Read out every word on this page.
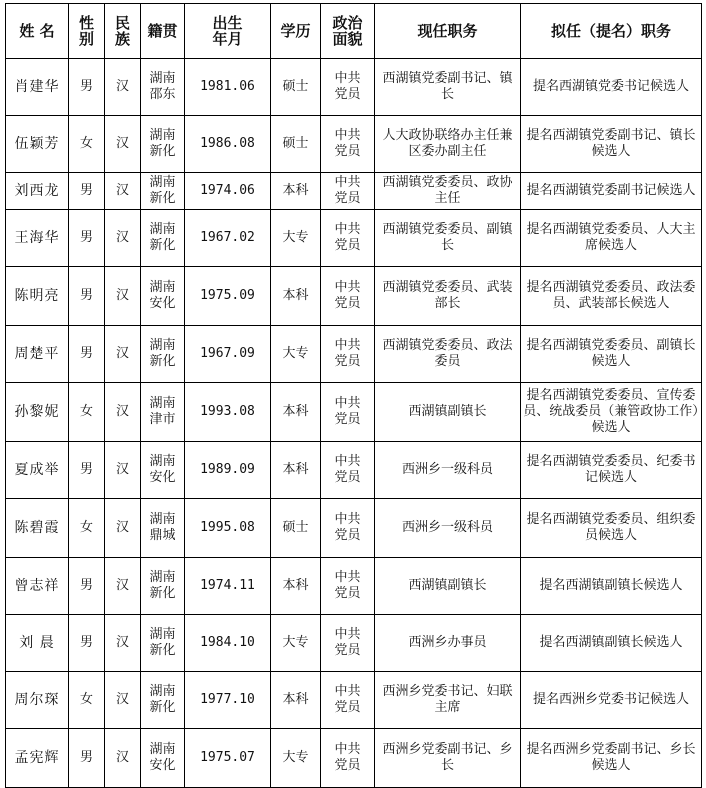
姓 名	性别	民族	籍贯	出生年月	学历	政治面貌	现任职务	拟任（提名）职务
肖建华	男	汉	湖南邵东	1981.06	硕士	中共党员	西湖镇党委副书记、镇长	提名西湖镇党委书记候选人
伍颖芳	女	汉	湖南新化	1986.08	硕士	中共党员	人大政协联络办主任兼区委办副主任	提名西湖镇党委副书记、镇长候选人
刘西龙	男	汉	湖南新化	1974.06	本科	中共党员	西湖镇党委委员、政协主任	提名西湖镇党委副书记候选人
王海华	男	汉	湖南新化	1967.02	大专	中共党员	西湖镇党委委员、副镇长	提名西湖镇党委委员、人大主席候选人
陈明亮	男	汉	湖南安化	1975.09	本科	中共党员	西湖镇党委委员、武装部长	提名西湖镇党委委员、政法委员、武装部长候选人
周楚平	男	汉	湖南新化	1967.09	大专	中共党员	西湖镇党委委员、政法委员	提名西湖镇党委委员、副镇长候选人
孙黎妮	女	汉	湖南津市	1993.08	本科	中共党员	西湖镇副镇长	提名西湖镇党委委员、宣传委员、统战委员（兼管政协工作）候选人
夏成举	男	汉	湖南安化	1989.09	本科	中共党员	西洲乡一级科员	提名西湖镇党委委员、纪委书记候选人
陈碧霞	女	汉	湖南鼎城	1995.08	硕士	中共党员	西洲乡一级科员	提名西湖镇党委委员、组织委员候选人
曾志祥	男	汉	湖南新化	1974.11	本科	中共党员	西湖镇副镇长	提名西湖镇副镇长候选人
刘 晨	男	汉	湖南新化	1984.10	大专	中共党员	西洲乡办事员	提名西湖镇副镇长候选人
周尔琛	女	汉	湖南新化	1977.10	本科	中共党员	西洲乡党委书记、妇联主席	提名西洲乡党委书记候选人
孟宪辉	男	汉	湖南安化	1975.07	大专	中共党员	西洲乡党委副书记、乡长	提名西洲乡党委副书记、乡长候选人
